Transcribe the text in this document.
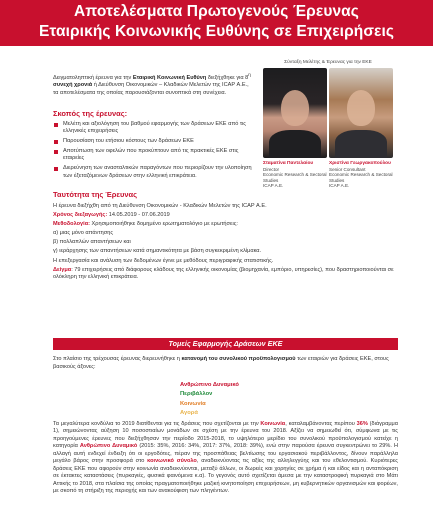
Αποτελέσματα Πρωτογενούς Έρευνας
Εταιρικής Κοινωνικής Ευθύνης σε Επιχειρήσεις
Δειγματοληπτική έρευνα για την Εταιρική Κοινωνική Ευθύνη διεξήχθηκε για $8^\eta$ συνεχή χρονιά ή Διεύθυνση Οικονομικών – Κλαδικών Μελετών της ICAP Α.Ε., τα αποτελέσματα της οποίας παρουσιάζονται συνοπτικά στη συνέχεια.
Σύνταξη Μελέτης & Έρευνας για την ΕΚΕ
Σταματίνα Παντελαίου
Director
Economic Research & Sectoral Studies
ICAP A.E.
Χριστίνα Γεωργακοπούλου
Senior Consultant
Economic Research & Sectoral Studies
ICAP A.E.
Σκοπός της έρευνας:
Μελέτη και αξιολόγηση του βαθμού εφαρμογής των δράσεων ΕΚΕ από τις ελληνικές επιχειρήσεις
Παρουσίαση του ετήσιου κόστους των δράσεων ΕΚΕ
Αποτύπωση των οφελών που προκύπτουν από τις πρακτικές ΕΚΕ στις εταιρείες
Διερεύνηση των ανασταλτικών παραγόντων που περιορίζουν την υλοποίηση των έξεταζόμενων δράσεων στην ελληνική επικράτεια.
Ταυτότητα της Έρευνας

Η έρευνα διεξήχθη από τη Διεύθυνση Οικονομικών - Κλαδικών Μελετών της ICAP Α.Ε.

Χρόνος διεξαγωγής: 14.05.2019 - 07.06.2019

Μεθοδολογία: Χρησιμοποιήθηκε δομημένο ερωτηματολόγιο με ερωτήσεις:

α) μιας μόνο απάντησης

β) πολλαπλών απαντήσεων και

γ) ιεράρχησης των απαντήσεων κατά σημαντικότητα με βάση συγκεκριμένη κλίμακα.

Η επεξεργασία και ανάλυση των δεδομένων έγινε με μεθόδους περιγραφικής στατιστικής.

Δείγμα: 79 επιχειρήσεις από διάφορους κλάδους της ελληνικής οικονομίας (βιομηχανία, εμπόριο, υπηρεσίες), που δραστηριοποιούνται σε ολόκληρη την ελληνική επικράτεια.

Τομείς Εφαρμογής Δράσεων ΕΚΕ
Στο πλαίσιο της τρέχουσας έρευνας διερευνήθηκε η κατανομή του συνολικού προϋπολογισμού των εταιριών για δράσεις ΕΚΕ, στους βασικούς άξονες:
Ανθρώπινο Δυναμικό
Περιβάλλον
Κοινωνία
Αγορά
Τα μεγαλύτερα κονδύλια το 2019 διατίθενται για τις δράσεις που σχετίζονται με την Κοινωνία, καταλαμβάνοντας περίπου 36% (διάγραμμα 1), σημειώνοντας αύξηση 10 ποσοστιαίων μονάδων σε σχέση με την έρευνα του 2018. Αξίζει να σημειωθεί ότι, σύμφωνα με τις προηγούμενες έρευνες που διεξήχθησαν την περίοδο 2015-2018, το υψηλότερο μερίδιο του συνολικού προϋπολογισμού κατείχε η κατηγορία Ανθρώπινο Δυναμικό (2015: 35%, 2016: 34%, 2017: 37%, 2018: 39%), ενώ στην παρούσα έρευνα συγκεντρώνει το 29%. Η αλλαγή αυτή ενδεχεί ένδειξη ότι οι εργοδότες, πέραν της προσπάθειας βελτίωσης του εργασιακού περιβάλλοντος, δίνουν παράλληλα μεγάλο βάρος στην προσφορά στο κοινωνικό σύνολο, αναδεικνύοντας τις αξίες της αλληλεγγύης και του εθελοντισμού. Κυριότερες δράσεις ΕΚΕ που αφορούν στην κοινωνία αναδεικνύονται, μεταξύ άλλων, οι δωρεές και χορηγίες σε χρήμα ή και είδος και η ανταπόκριση σε έκτακτες καταστάσεις (πυρκαγιές, φυσικά φαινόμενα κ.α). Το γεγονός αυτό σχετίζεται άμεσα με την καταστροφική πυρκαγιά στο Μάτι Αττικής το 2018, στα πλαίσια της οποίας πραγματοποιήθηκε μαζική κινητοποίηση επιχειρήσεων, μη κυβερνητικών οργανισμών και φορέων, με σκοπό τη στήριξη της περιοχής και των ανακούφιση των πληγέντων.
